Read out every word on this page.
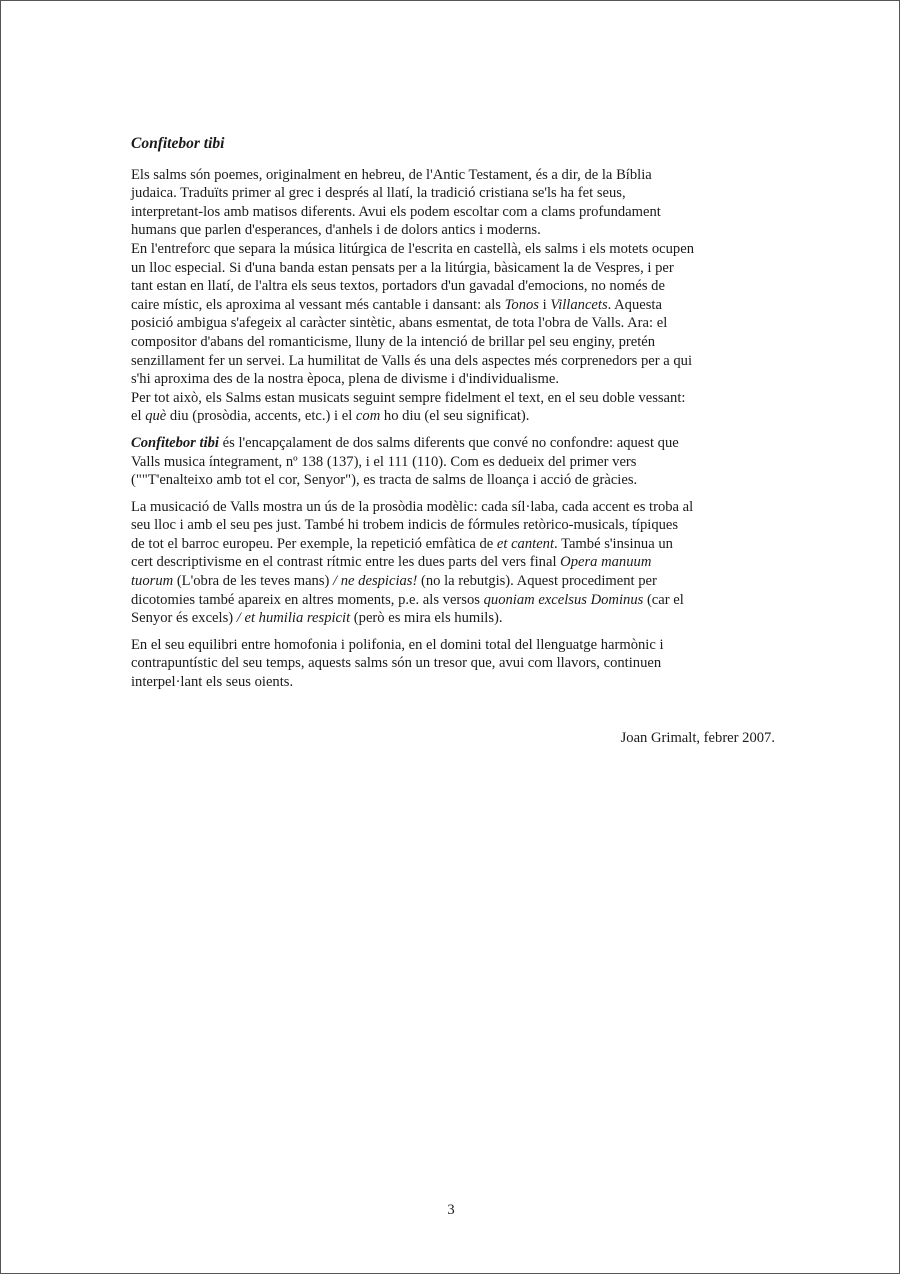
Confitebor tibi

Els salms són poemes, originalment en hebreu, de l'Antic Testament, és a dir, de la Bíblia
judaica. Traduïts primer al grec i després al llatí, la tradició cristiana se'ls ha fet seus,
interpretant-los amb matisos diferents. Avui els podem escoltar com a clams profundament
humans que parlen d'esperances, d'anhels i de dolors antics i moderns.
En l'entreforc que separa la música litúrgica de l'escrita en castellà, els salms i els motets ocupen
un lloc especial. Si d'una banda estan pensats per a la litúrgia, bàsicament la de Vespres, i per
tant estan en llatí, de l'altra els seus textos, portadors d'un gavadal d'emocions, no només de
caire místic, els aproxima al vessant més cantable i dansant: als Tonos i Villancets. Aquesta
posició ambigua s'afegeix al caràcter sintètic, abans esmentat, de tota l'obra de Valls. Ara: el
compositor d'abans del romanticisme, lluny de la intenció de brillar pel seu enginy, pretén
senzillament fer un servei. La humilitat de Valls és una dels aspectes més corprenedors per a qui
s'hi aproxima des de la nostra època, plena de divisme i d'individualisme.
Per tot això, els Salms estan musicats seguint sempre fidelment el text, en el seu doble vessant:
el què diu (prosòdia, accents, etc.) i el com ho diu (el seu significat).

Confitebor tibi és l'encapçalament de dos salms diferents que convé no confondre: aquest que
Valls musica íntegrament, nº 138 (137), i el 111 (110). Com es dedueix del primer vers
(""T'enalteixo amb tot el cor, Senyor"), es tracta de salms de lloança i acció de gràcies.

La musicació de Valls mostra un ús de la prosòdia modèlic: cada síl·laba, cada accent es troba al
seu lloc i amb el seu pes just. També hi trobem indicis de fórmules retòrico-musicals, típiques
de tot el barroc europeu. Per exemple, la repetició emfàtica de et cantent. També s'insinua un
cert descriptivisme en el contrast rítmic entre les dues parts del vers final Opera manuum
tuorum (L'obra de les teves mans) / ne despicias! (no la rebutgis). Aquest procediment per
dicotomies també apareix en altres moments, p.e. als versos quoniam excelsus Dominus (car el
Senyor és excels) / et humilia respicit (però es mira els humils).

En el seu equilibri entre homofonia i polifonia, en el domini total del llenguatge harmònic i
contrapuntístic del seu temps, aquests salms són un tresor que, avui com llavors, continuen
interpel·lant els seus oients.

Joan Grimalt, febrer 2007.
3
